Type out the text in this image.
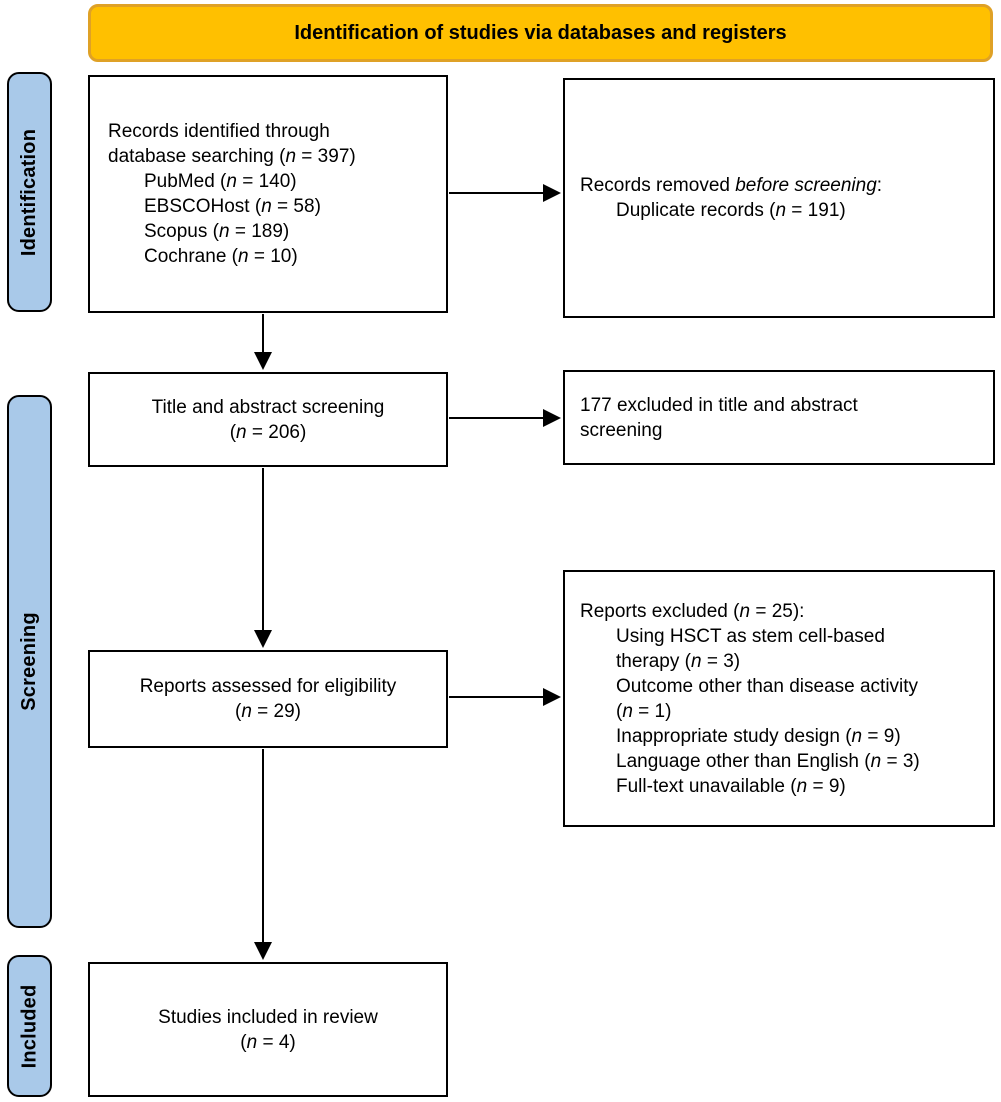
Identification of studies via databases and registers
Identification
Screening
Included
Records identified through
database searching (n = 397)
PubMed (n = 140)
EBSCOHost (n = 58)
Scopus (n = 189)
Cochrane (n = 10)
Records removed before screening:
Duplicate records (n = 191)
Title and abstract screening
(n = 206)
177 excluded in title and abstract
screening
Reports assessed for eligibility
(n = 29)
Reports excluded (n = 25):
Using HSCT as stem cell-based
therapy (n = 3)
Outcome other than disease activity
(n = 1)
Inappropriate study design (n = 9)
Language other than English (n = 3)
Full-text unavailable (n = 9)
Studies included in review
(n = 4)
